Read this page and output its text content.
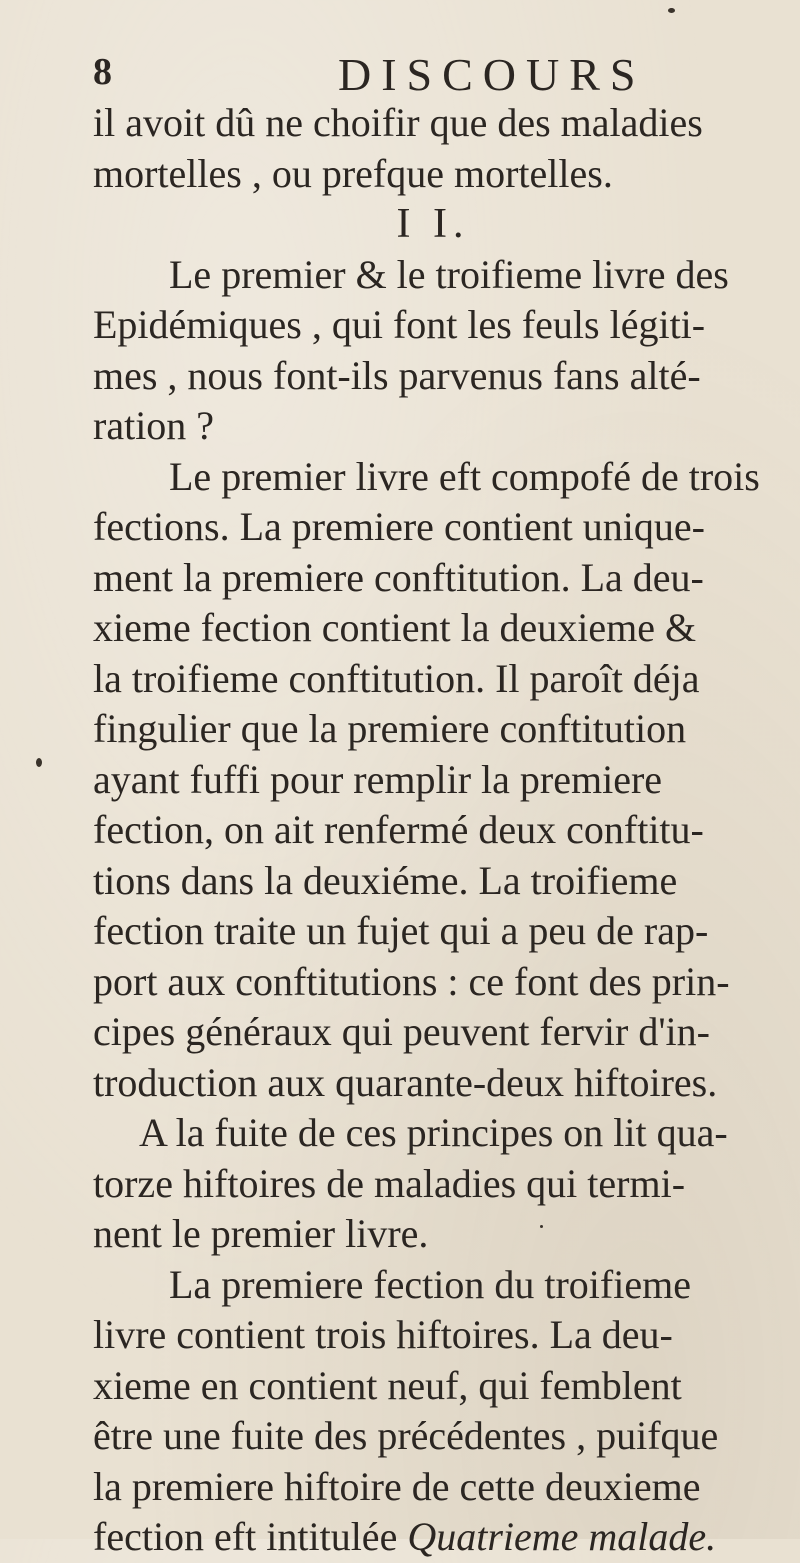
8	DISCOURS
il avoit dû ne choifir que des maladies
mortelles , ou prefque mortelles.
I I.
Le premier & le troifieme livre des
Epidémiques , qui font les feuls légiti-
mes , nous font-ils parvenus fans alté-
ration ?
Le premier livre eft compofé de trois
fections. La premiere contient unique-
ment la premiere conftitution. La deu-
xieme fection contient la deuxieme &
la troifieme conftitution. Il paroît déja
fingulier que la premiere conftitution
ayant fuffi pour remplir la premiere
fection, on ait renfermé deux conftitu-
tions dans la deuxiéme. La troifieme
fection traite un fujet qui a peu de rap-
port aux conftitutions : ce font des prin-
cipes généraux qui peuvent fervir d'in-
troduction aux quarante-deux hiftoires.
A la fuite de ces principes on lit qua-
torze hiftoires de maladies qui termi-
nent le premier livre.
La premiere fection du troifieme
livre contient trois hiftoires. La deu-
xieme en contient neuf, qui femblent
être une fuite des précédentes , puifque
la premiere hiftoire de cette deuxieme
fection eft intitulée Quatrieme malade.
